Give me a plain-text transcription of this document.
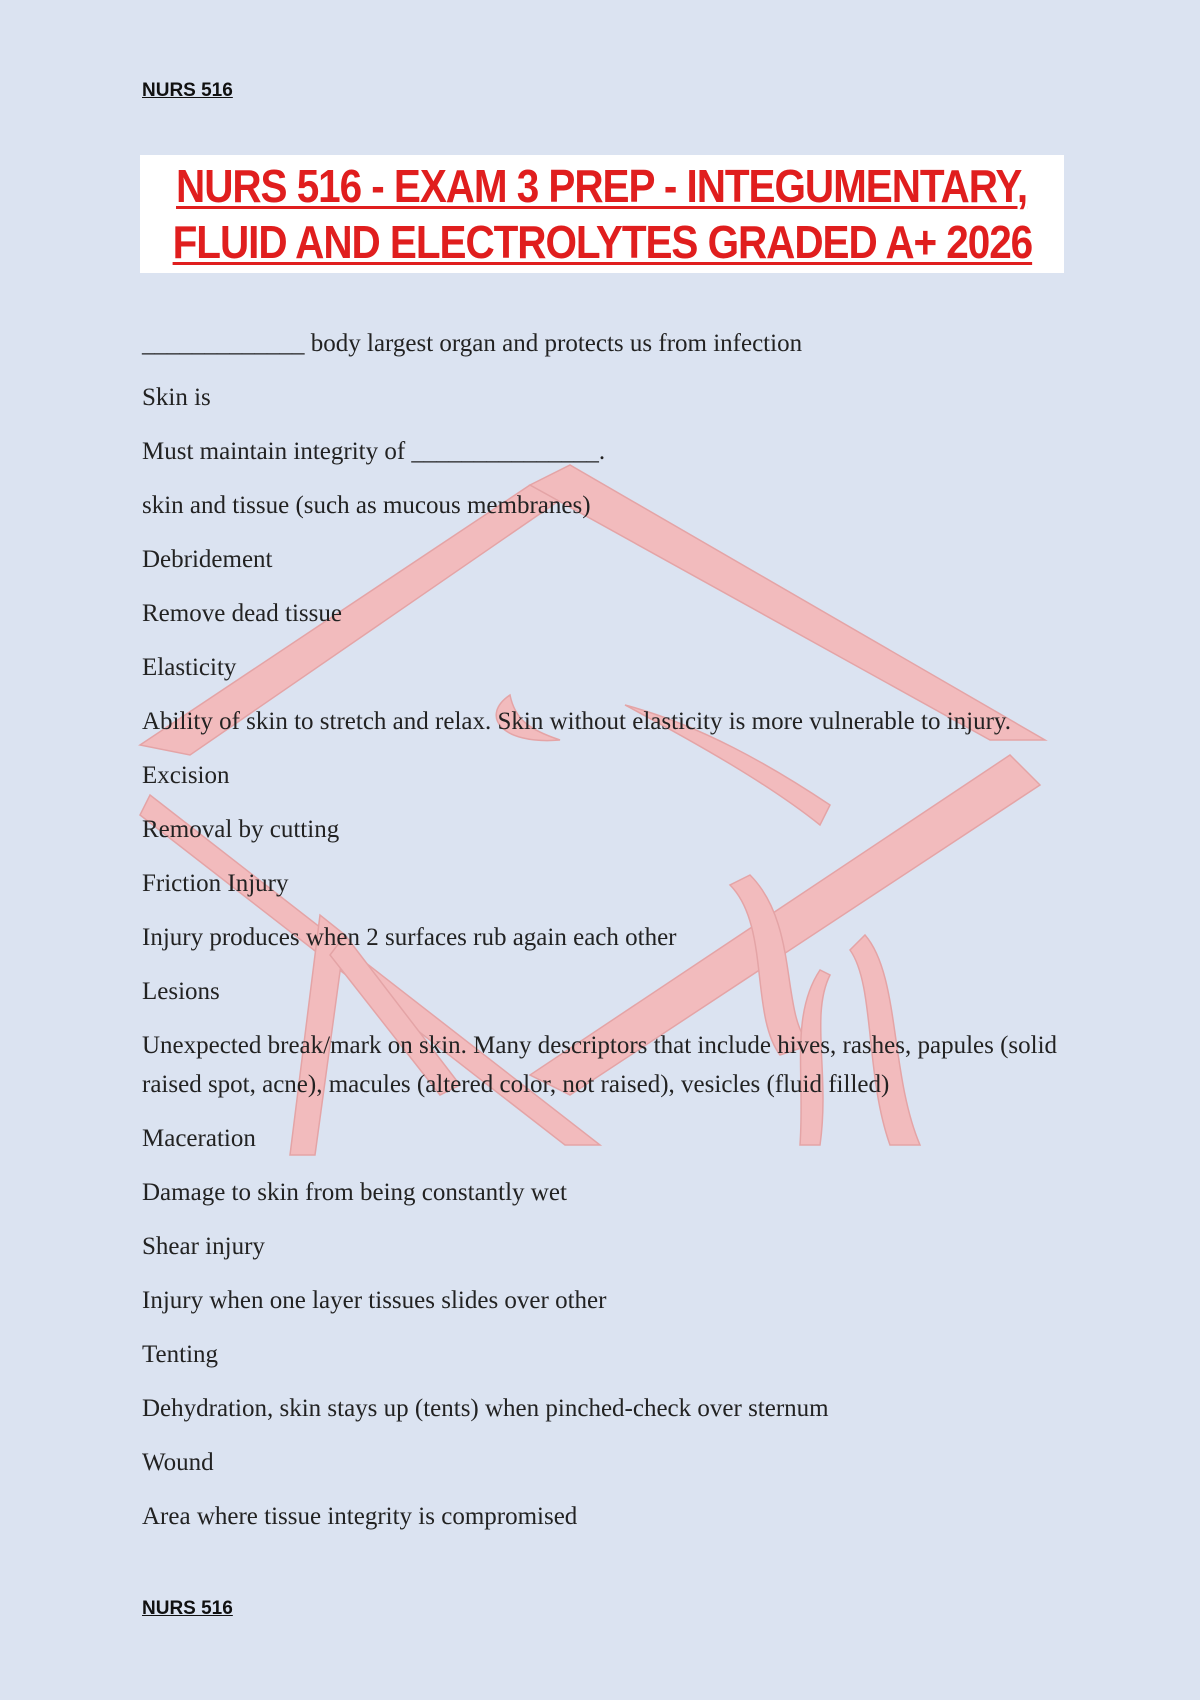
NURS 516
NURS 516 - EXAM 3 PREP - INTEGUMENTARY,
FLUID AND ELECTROLYTES GRADED A+ 2026

_____________ body largest organ and protects us from infection

Skin is

Must maintain integrity of _______________.

skin and tissue (such as mucous membranes)

Debridement

Remove dead tissue

Elasticity

Ability of skin to stretch and relax. Skin without elasticity is more vulnerable to injury.

Excision

Removal by cutting

Friction Injury

Injury produces when 2 surfaces rub again each other

Lesions

Unexpected break/mark on skin. Many descriptors that include hives, rashes, papules (solid raised spot, acne), macules (altered color, not raised), vesicles (fluid filled)

Maceration

Damage to skin from being constantly wet

Shear injury

Injury when one layer tissues slides over other

Tenting

Dehydration, skin stays up (tents) when pinched-check over sternum

Wound

Area where tissue integrity is compromised

NURS 516
